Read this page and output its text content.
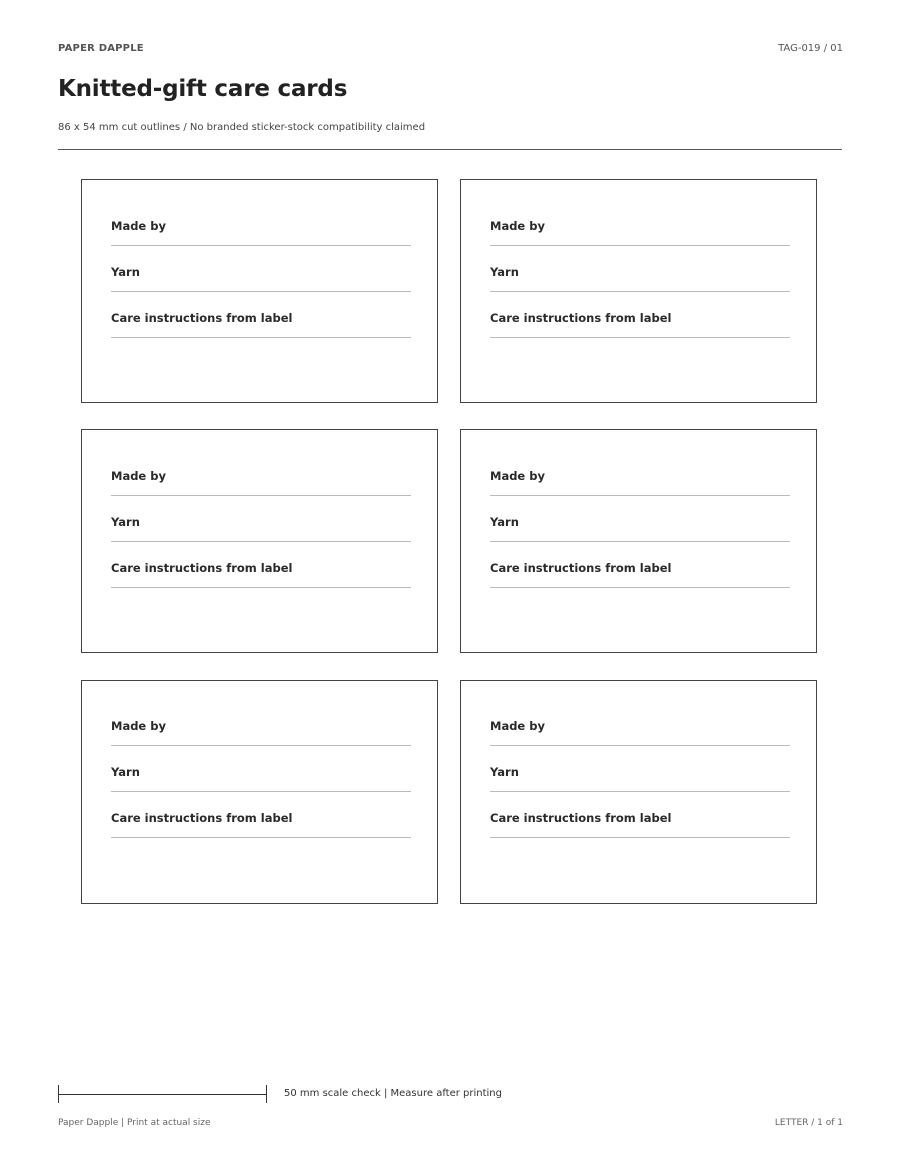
PAPER DAPPLE	TAG-019 / 01
Knitted-gift care cards
86 x 54 mm cut outlines / No branded sticker-stock compatibility claimed
Made by
Yarn
Care instructions from label
Made by
Yarn
Care instructions from label
Made by
Yarn
Care instructions from label
Made by
Yarn
Care instructions from label
Made by
Yarn
Care instructions from label
Made by
Yarn
Care instructions from label
50 mm scale check | Measure after printing
Paper Dapple | Print at actual size	LETTER / 1 of 1
